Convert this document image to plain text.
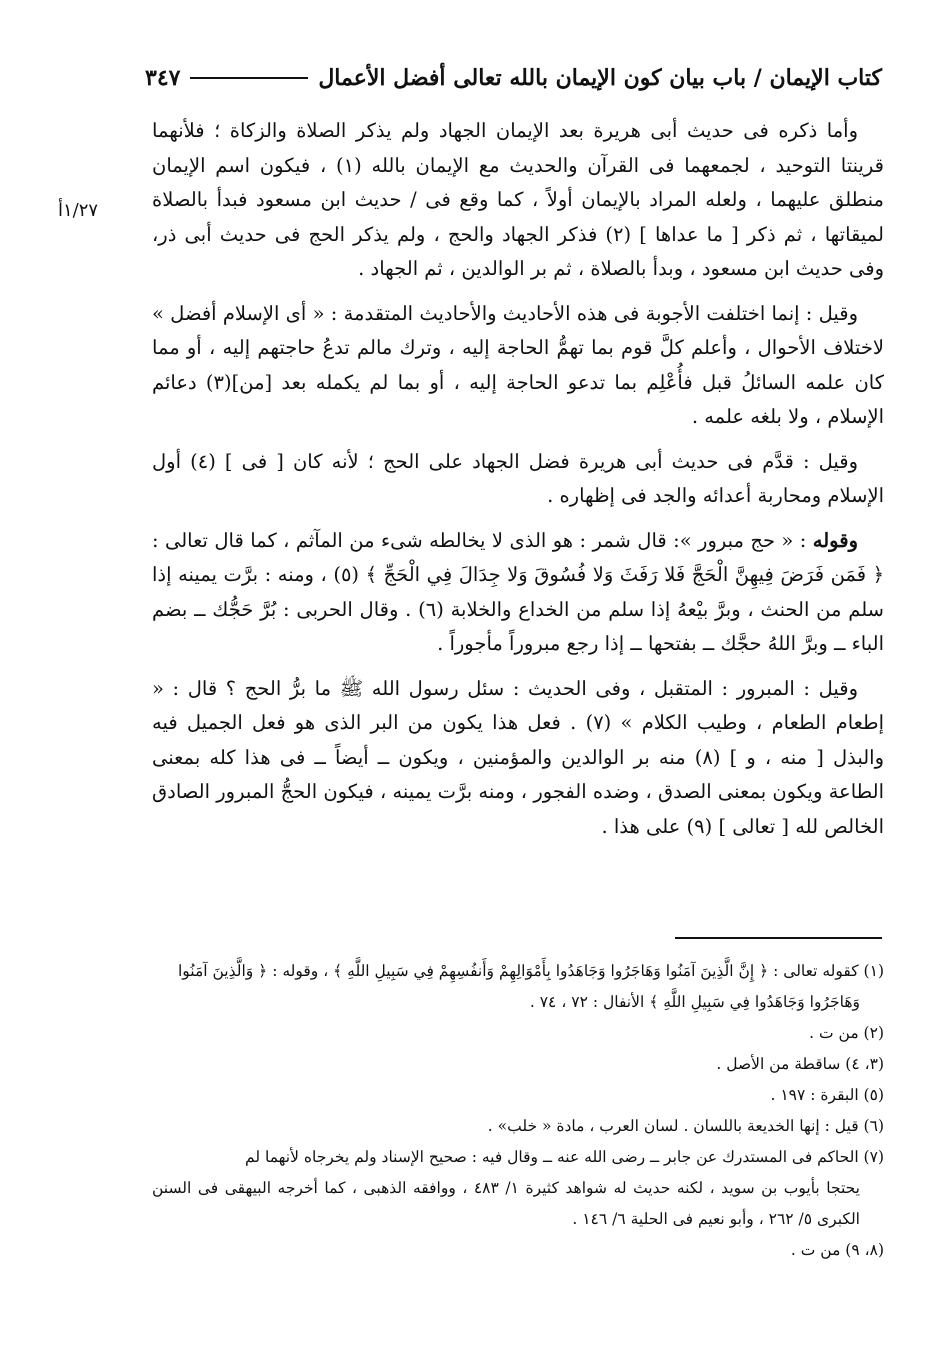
كتاب الإيمان / باب بيان كون الإيمان بالله تعالى أفضل الأعمال
٣٤٧
١/٢٧أ

وأما ذكره فى حديث أبى هريرة بعد الإيمان الجهاد ولم يذكر الصلاة والزكاة ؛ فلأنهما قرينتا التوحيد ، لجمعهما فى القرآن والحديث مع الإيمان بالله (١) ، فيكون اسم الإيمان منطلق عليهما ، ولعله المراد بالإيمان أولاً ، كما وقع فى / حديث ابن مسعود فبدأ بالصلاة لميقاتها ، ثم ذكر [ ما عداها ] (٢) فذكر الجهاد والحج ، ولم يذكر الحج فى حديث أبى ذر، وفى حديث ابن مسعود ، وبدأ بالصلاة ، ثم بر الوالدين ، ثم الجهاد .

وقيل : إنما اختلفت الأجوبة فى هذه الأحاديث والأحاديث المتقدمة : « أى الإسلام أفضل » لاختلاف الأحوال ، وأعلم كلَّ قوم بما تهمُّ الحاجة إليه ، وترك مالم تدعُ حاجتهم إليه ، أو مما كان علمه السائلُ قبل فأُعْلِم بما تدعو الحاجة إليه ، أو بما لم يكمله بعد [من](٣) دعائم الإسلام ، ولا بلغه علمه .

وقيل : قدَّم فى حديث أبى هريرة فضل الجهاد على الحج ؛ لأنه كان [ فى ] (٤) أول الإسلام ومحاربة أعدائه والجد فى إظهاره .

وقوله : « حج مبرور »: قال شمر : هو الذى لا يخالطه شىء من المآثم ، كما قال تعالى : ﴿ فَمَن فَرَضَ فِيهِنَّ الْحَجَّ فَلا رَفَثَ وَلا فُسُوقَ وَلا جِدَالَ فِي الْحَجِّ ﴾ (٥) ، ومنه : برَّت يمينه إذا سلم من الحنث ، وبرَّ بيْعهُ إذا سلم من الخداع والخلابة (٦) . وقال الحربى : بُرَّ حَجُّك ــ بضم الباء ــ وبرَّ اللهُ حجَّك ــ بفتحها ــ إذا رجع مبروراً مأجوراً .

وقيل : المبرور : المتقبل ، وفى الحديث : سئل رسول الله ﷺ ما برُّ الحج ؟ قال : « إطعام الطعام ، وطيب الكلام » (٧) . فعل هذا يكون من البر الذى هو فعل الجميل فيه والبذل [ منه ، و ] (٨) منه بر الوالدين والمؤمنين ، ويكون ــ أيضاً ــ فى هذا كله بمعنى الطاعة ويكون بمعنى الصدق ، وضده الفجور ، ومنه برَّت يمينه ، فيكون الحجُّ المبرور الصادق الخالص لله [ تعالى ] (٩) على هذا .

(١) كقوله تعالى : ﴿ إِنَّ الَّذِينَ آمَنُوا وَهَاجَرُوا وَجَاهَدُوا بِأَمْوَالِهِمْ وَأَنفُسِهِمْ فِي سَبِيلِ اللَّهِ ﴾ ، وقوله : ﴿ وَالَّذِينَ آمَنُوا
وَهَاجَرُوا وَجَاهَدُوا فِي سَبِيلِ اللَّهِ ﴾ الأنفال : ٧٢ ، ٧٤ .

(٢) من ت .

(٣، ٤) ساقطة من الأصل .

(٥) البقرة : ١٩٧ .

(٦) قيل : إنها الخديعة باللسان . لسان العرب ، مادة « خلب» .

(٧) الحاكم فى المستدرك عن جابر ــ رضى الله عنه ــ وقال فيه : صحيح الإسناد ولم يخرجاه لأنهما لم
يحتجا بأيوب بن سويد ، لكنه حديث له شواهد كثيرة ١/ ٤٨٣ ، ووافقه الذهبى ، كما أخرجه البيهقى فى السنن الكبرى ٥/ ٢٦٢ ، وأبو نعيم فى الحلية ٦/ ١٤٦ .

(٨، ٩) من ت .
